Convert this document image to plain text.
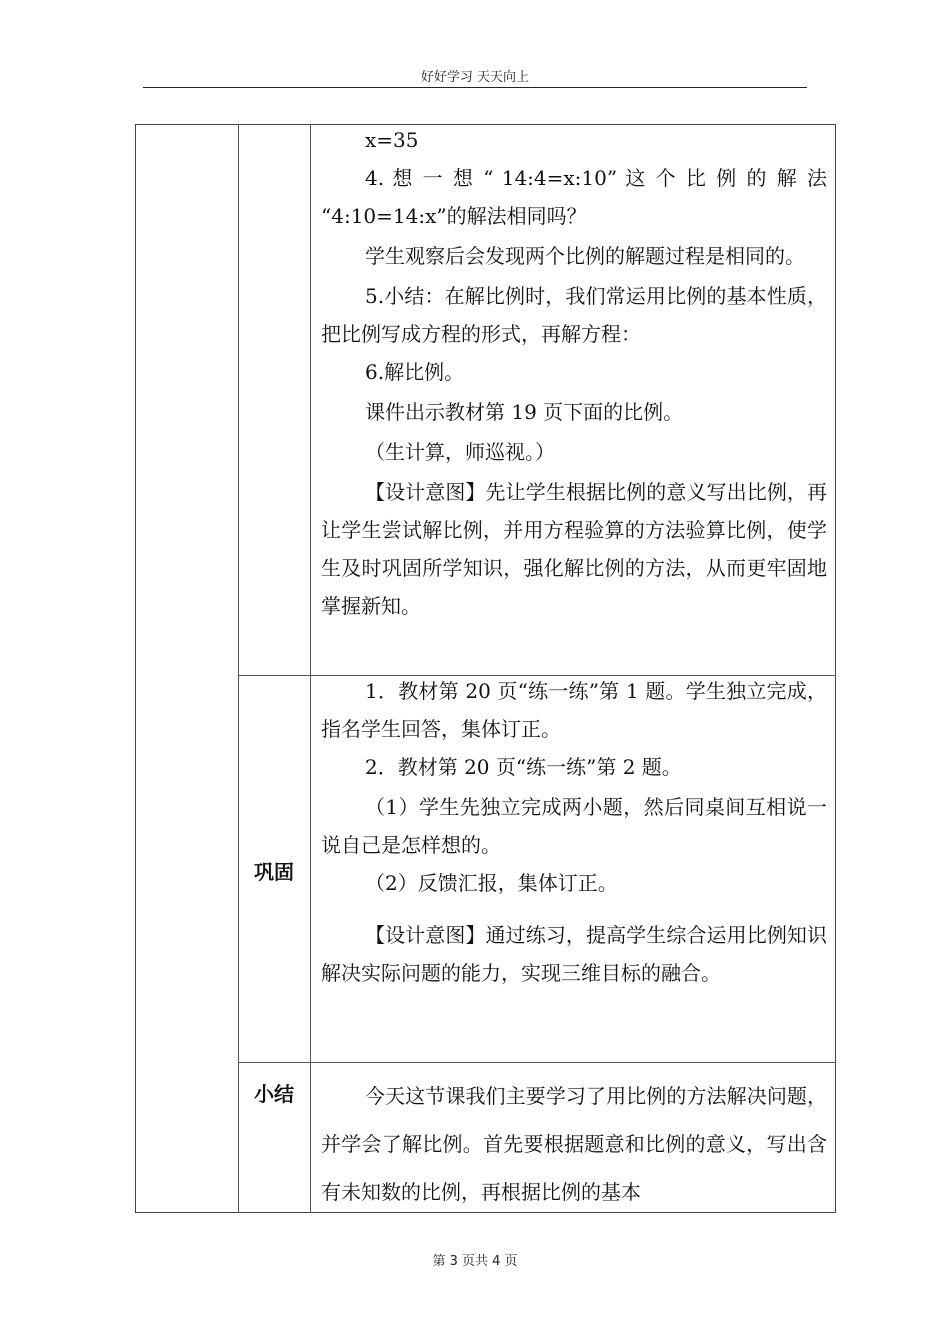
好好学习 天天向上

x=35

4. 想 一 想 “ 14:4=x:10” 这 个 比 例 的 解 法 “4:10=14:x”的解法相同吗？

学生观察后会发现两个比例的解题过程是相同的。

5.小结：在解比例时，我们常运用比例的基本性质，把比例写成方程的形式，再解方程：

6.解比例。

课件出示教材第 19 页下面的比例。

（生计算，师巡视。）

【设计意图】先让学生根据比例的意义写出比例，再让学生尝试解比例，并用方程验算的方法验算比例，使学生及时巩固所学知识，强化解比例的方法，从而更牢固地掌握新知。

巩固

1．教材第 20 页“练一练”第 1 题。学生独立完成，指名学生回答，集体订正。

2．教材第 20 页“练一练”第 2 题。

（1）学生先独立完成两小题，然后同桌间互相说一说自己是怎样想的。

（2）反馈汇报，集体订正。

【设计意图】通过练习，提高学生综合运用比例知识解决实际问题的能力，实现三维目标的融合。

小结	今天这节课我们主要学习了用比例的方法解决问题，并学会了解比例。首先要根据题意和比例的意义，写出含有未知数的比例，再根据比例的基本

第 3 页共 4 页
